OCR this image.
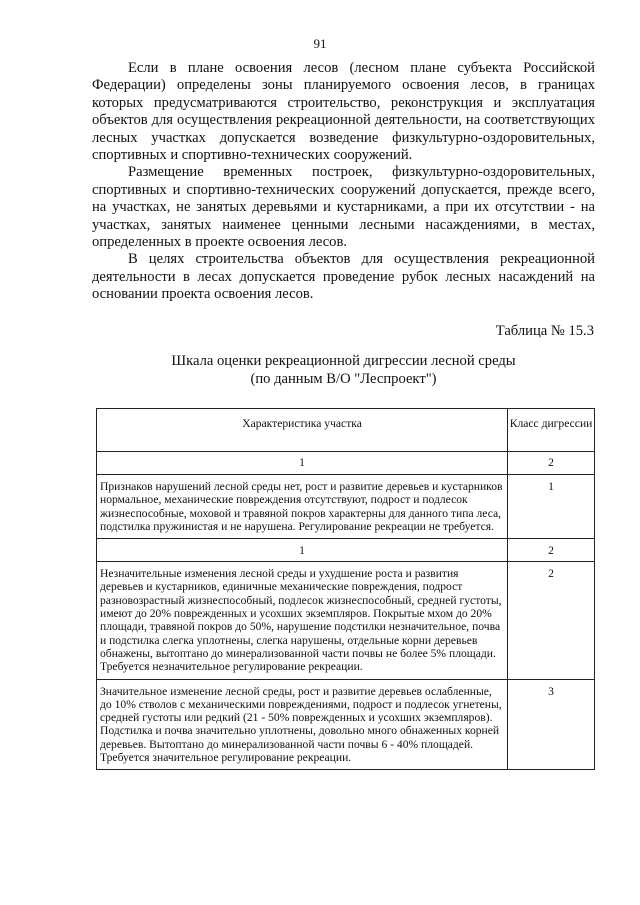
91

Если в плане освоения лесов (лесном плане субъекта Российской Федерации) определены зоны планируемого освоения лесов, в границах которых предусматриваются строительство, реконструкция и эксплуатация объектов для осуществления рекреационной деятельности, на соответствующих лесных участках допускается возведение физкультурно-оздоровительных, спортивных и спортивно-технических сооружений.

Размещение временных построек, физкультурно-оздоровительных, спортивных и спортивно-технических сооружений допускается, прежде всего, на участках, не занятых деревьями и кустарниками, а при их отсутствии - на участках, занятых наименее ценными лесными насаждениями, в местах, определенных в проекте освоения лесов.

В целях строительства объектов для осуществления рекреационной деятельности в лесах допускается проведение рубок лесных насаждений на основании проекта освоения лесов.

Таблица № 15.3
Шкала оценки рекреационной дигрессии лесной среды
(по данным В/О "Леспроект")
Характеристика участка	Класс дигрессии
1	2
Признаков нарушений лесной среды нет, рост и развитие деревьев и кустарников нормальное, механические повреждения отсутствуют, подрост и подлесок жизнеспособные, моховой и травяной покров характерны для данного типа леса, подстилка пружинистая и не нарушена. Регулирование рекреации не требуется.	1
1	2
Незначительные изменения лесной среды и ухудшение роста и развития деревьев и кустарников, единичные механические повреждения, подрост разновозрастный жизнеспособный, подлесок жизнеспособный, средней густоты, имеют до 20% поврежденных и усохших экземпляров. Покрытые мхом до 20% площади, травяной покров до 50%, нарушение подстилки незначительное, почва и подстилка слегка уплотнены, слегка нарушены, отдельные корни деревьев обнажены, вытоптано до минерализованной части почвы не более 5% площади. Требуется незначительное регулирование рекреации.	2
Значительное изменение лесной среды, рост и развитие деревьев ослабленные, до 10% стволов с механическими повреждениями, подрост и подлесок угнетены, средней густоты или редкий (21 - 50% поврежденных и усохших экземпляров). Подстилка и почва значительно уплотнены, довольно много обнаженных корней деревьев. Вытоптано до минерализованной части почвы 6 - 40% площадей. Требуется значительное регулирование рекреации.	3
